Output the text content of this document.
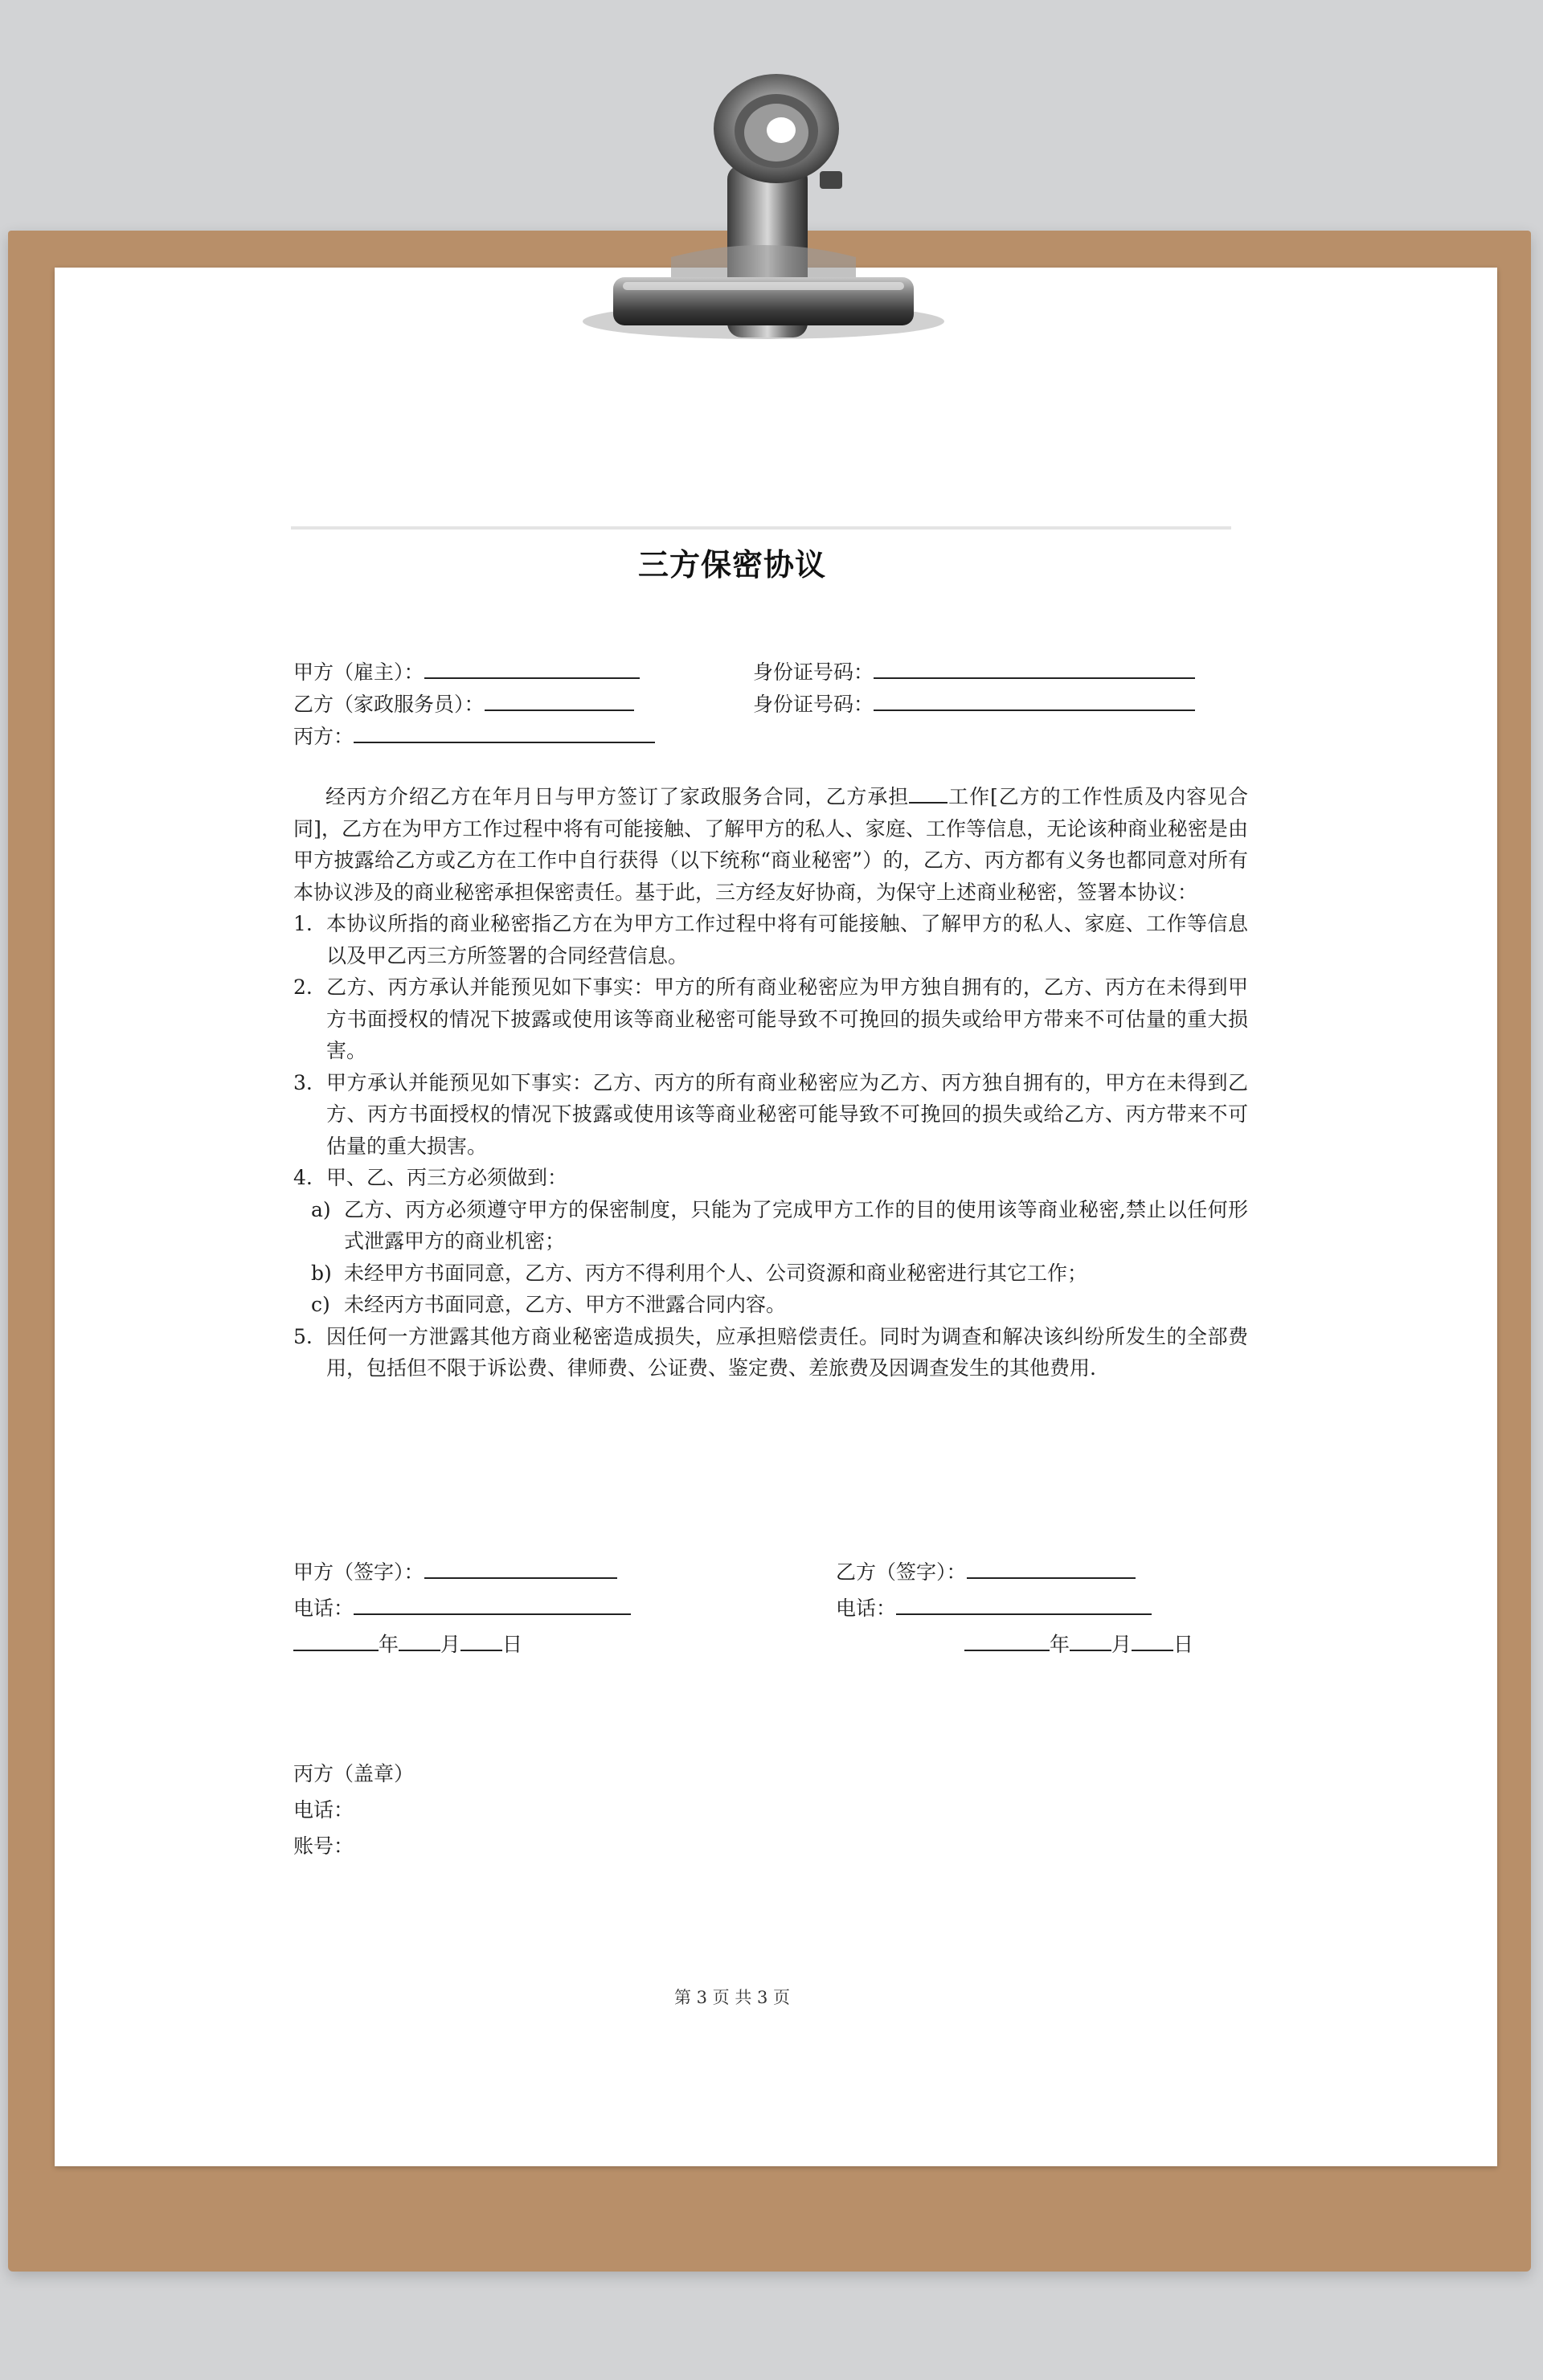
三方保密协议
甲方（雇主）：
乙方（家政服务员）：
丙方：
身份证号码：
身份证号码：

经丙方介绍乙方在年月日与甲方签订了家政服务合同，乙方承担 工作[乙方的工作性质及内容见合同]，乙方在为甲方工作过程中将有可能接触、了解甲方的私人、家庭、工作等信息，无论该种商业秘密是由甲方披露给乙方或乙方在工作中自行获得（以下统称“商业秘密”）的，乙方、丙方都有义务也都同意对所有本协议涉及的商业秘密承担保密责任。基于此，三方经友好协商，为保守上述商业秘密，签署本协议：

1. 本协议所指的商业秘密指乙方在为甲方工作过程中将有可能接触、了解甲方的私人、家庭、工作等信息以及甲乙丙三方所签署的合同经营信息。

2. 乙方、丙方承认并能预见如下事实：甲方的所有商业秘密应为甲方独自拥有的，乙方、丙方在未得到甲方书面授权的情况下披露或使用该等商业秘密可能导致不可挽回的损失或给甲方带来不可估量的重大损害。

3. 甲方承认并能预见如下事实：乙方、丙方的所有商业秘密应为乙方、丙方独自拥有的，甲方在未得到乙方、丙方书面授权的情况下披露或使用该等商业秘密可能导致不可挽回的损失或给乙方、丙方带来不可估量的重大损害。

4. 甲、乙、丙三方必须做到：

a) 乙方、丙方必须遵守甲方的保密制度，只能为了完成甲方工作的目的使用该等商业秘密,禁止以任何形式泄露甲方的商业机密；

b) 未经甲方书面同意，乙方、丙方不得利用个人、公司资源和商业秘密进行其它工作；

c) 未经丙方书面同意，乙方、甲方不泄露合同内容。

5. 因任何一方泄露其他方商业秘密造成损失，应承担赔偿责任。同时为调查和解决该纠纷所发生的全部费用，包括但不限于诉讼费、律师费、公证费、鉴定费、差旅费及因调查发生的其他费用.

甲方（签字）：
电话：
年 月 日
乙方（签字）：
电话：
年 月 日
丙方（盖章）
电话：
账号：
第 3 页 共 3 页
